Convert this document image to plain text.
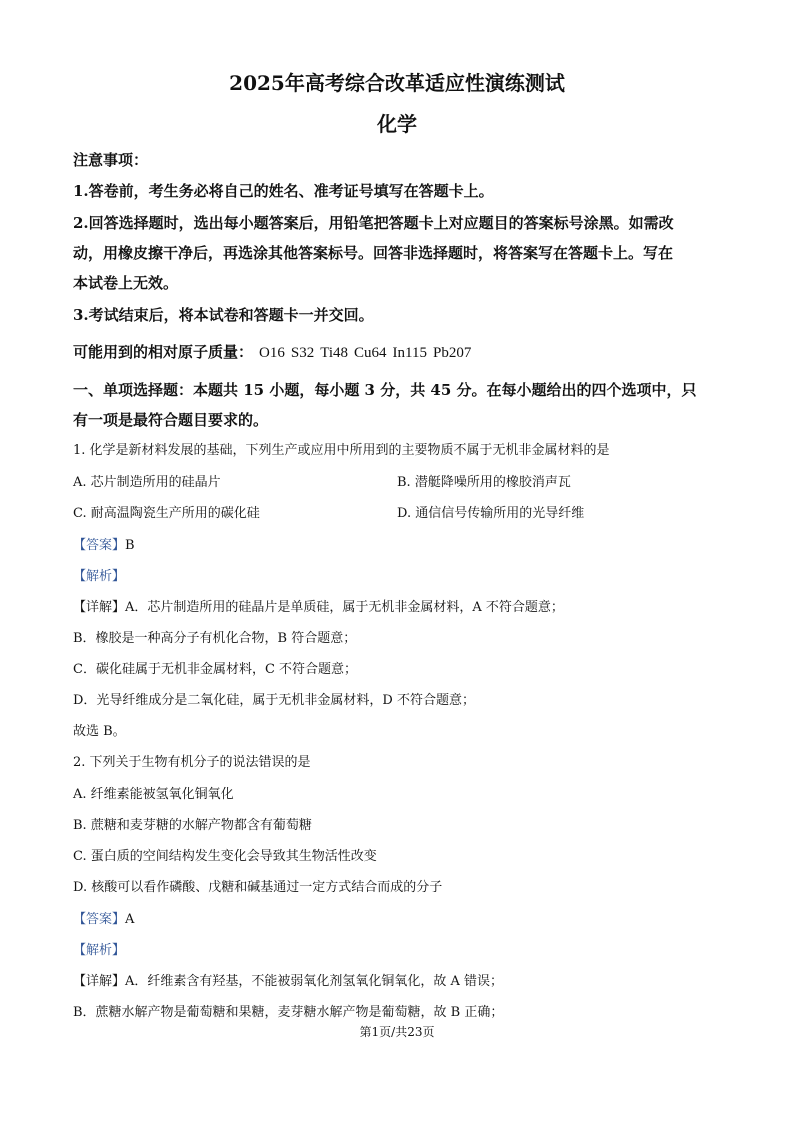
2025年高考综合改革适应性演练测试
化学
注意事项：
1.答卷前，考生务必将自己的姓名、准考证号填写在答题卡上。
2.回答选择题时，选出每小题答案后，用铅笔把答题卡上对应题目的答案标号涂黑。如需改
动，用橡皮擦干净后，再选涂其他答案标号。回答非选择题时，将答案写在答题卡上。写在
本试卷上无效。
3.考试结束后，将本试卷和答题卡一并交回。
可能用到的相对原子质量： O16 S32 Ti48 Cu64 In115 Pb207
一、单项选择题：本题共 15 小题，每小题 3 分，共 45 分。在每小题给出的四个选项中，只
有一项是最符合题目要求的。
1. 化学是新材料发展的基础，下列生产或应用中所用到的主要物质不属于无机非金属材料的是
A. 芯片制造所用的硅晶片	B. 潜艇降噪所用的橡胶消声瓦
C. 耐高温陶瓷生产所用的碳化硅	D. 通信信号传输所用的光导纤维
【答案】B
【解析】
【详解】A．芯片制造所用的硅晶片是单质硅，属于无机非金属材料，A 不符合题意；
B．橡胶是一种高分子有机化合物，B 符合题意；
C．碳化硅属于无机非金属材料，C 不符合题意；
D．光导纤维成分是二氧化硅，属于无机非金属材料，D 不符合题意；
故选 B。
2. 下列关于生物有机分子的说法错误的是
A. 纤维素能被氢氧化铜氧化
B. 蔗糖和麦芽糖的水解产物都含有葡萄糖
C. 蛋白质的空间结构发生变化会导致其生物活性改变
D. 核酸可以看作磷酸、戊糖和碱基通过一定方式结合而成的分子
【答案】A
【解析】
【详解】A．纤维素含有羟基，不能被弱氧化剂氢氧化铜氧化，故 A 错误；
B．蔗糖水解产物是葡萄糖和果糖，麦芽糖水解产物是葡萄糖，故 B 正确；
第1页/共23页
